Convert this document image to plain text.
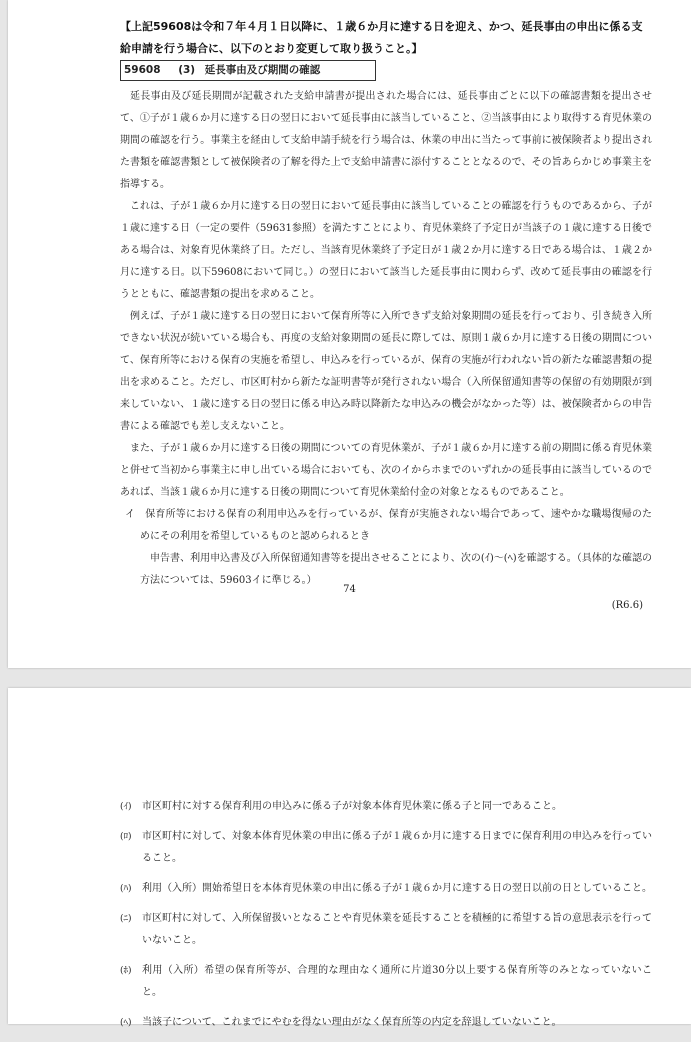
【上記59608は令和７年４月１日以降に、１歳６か月に達する日を迎え、かつ、延長事由の申出に係る支給申請を行う場合に、以下のとおり変更して取り扱うこと。】
59608 (3) 延長事由及び期間の確認

延長事由及び延長期間が記載された支給申請書が提出された場合には、延長事由ごとに以下の確認書類を提出させて、①子が１歳６か月に達する日の翌日において延長事由に該当していること、②当該事由により取得する育児休業の期間の確認を行う。事業主を経由して支給申請手続を行う場合は、休業の申出に当たって事前に被保険者より提出された書類を確認書類として被保険者の了解を得た上で支給申請書に添付することとなるので、その旨あらかじめ事業主を指導する。

これは、子が１歳６か月に達する日の翌日において延長事由に該当していることの確認を行うものであるから、子が１歳に達する日（一定の要件（59631参照）を満たすことにより、育児休業終了予定日が当該子の１歳に達する日後である場合は、対象育児休業終了日。ただし、当該育児休業終了予定日が１歳２か月に達する日である場合は、１歳２か月に達する日。以下59608において同じ。）の翌日において該当した延長事由に関わらず、改めて延長事由の確認を行うとともに、確認書類の提出を求めること。

例えば、子が１歳に達する日の翌日において保育所等に入所できず支給対象期間の延長を行っており、引き続き入所できない状況が続いている場合も、再度の支給対象期間の延長に際しては、原則１歳６か月に達する日後の期間について、保育所等における保育の実施を希望し、申込みを行っているが、保育の実施が行われない旨の新たな確認書類の提出を求めること。ただし、市区町村から新たな証明書等が発行されない場合（入所保留通知書等の保留の有効期限が到来していない、１歳に達する日の翌日に係る申込み時以降新たな申込みの機会がなかった等）は、被保険者からの申告書による確認でも差し支えないこと。

また、子が１歳６か月に達する日後の期間についての育児休業が、子が１歳６か月に達する前の期間に係る育児休業と併せて当初から事業主に申し出ている場合においても、次のイからホまでのいずれかの延長事由に該当しているのであれば、当該１歳６か月に達する日後の期間について育児休業給付金の対象となるものであること。

イ　保育所等における保育の利用申込みを行っているが、保育が実施されない場合であって、速やかな職場復帰のためにその利用を希望しているものと認められるとき

申告書、利用申込書及び入所保留通知書等を提出させることにより、次の(ｲ)～(ﾍ)を確認する。（具体的な確認の方法については、59603イに準じる。）

74
(R6.6)
(ｲ)	市区町村に対する保育利用の申込みに係る子が対象本体育児休業に係る子と同一であること。
(ﾛ)	市区町村に対して、対象本体育児休業の申出に係る子が１歳６か月に達する日までに保育利用の申込みを行っていること。
(ﾊ)	利用（入所）開始希望日を本体育児休業の申出に係る子が１歳６か月に達する日の翌日以前の日としていること。
(ﾆ)	市区町村に対して、入所保留扱いとなることや育児休業を延長することを積極的に希望する旨の意思表示を行っていないこと。
(ﾎ)	利用（入所）希望の保育所等が、合理的な理由なく通所に片道30分以上要する保育所等のみとなっていないこと。
(ﾍ)	当該子について、これまでにやむを得ない理由がなく保育所等の内定を辞退していないこと。
